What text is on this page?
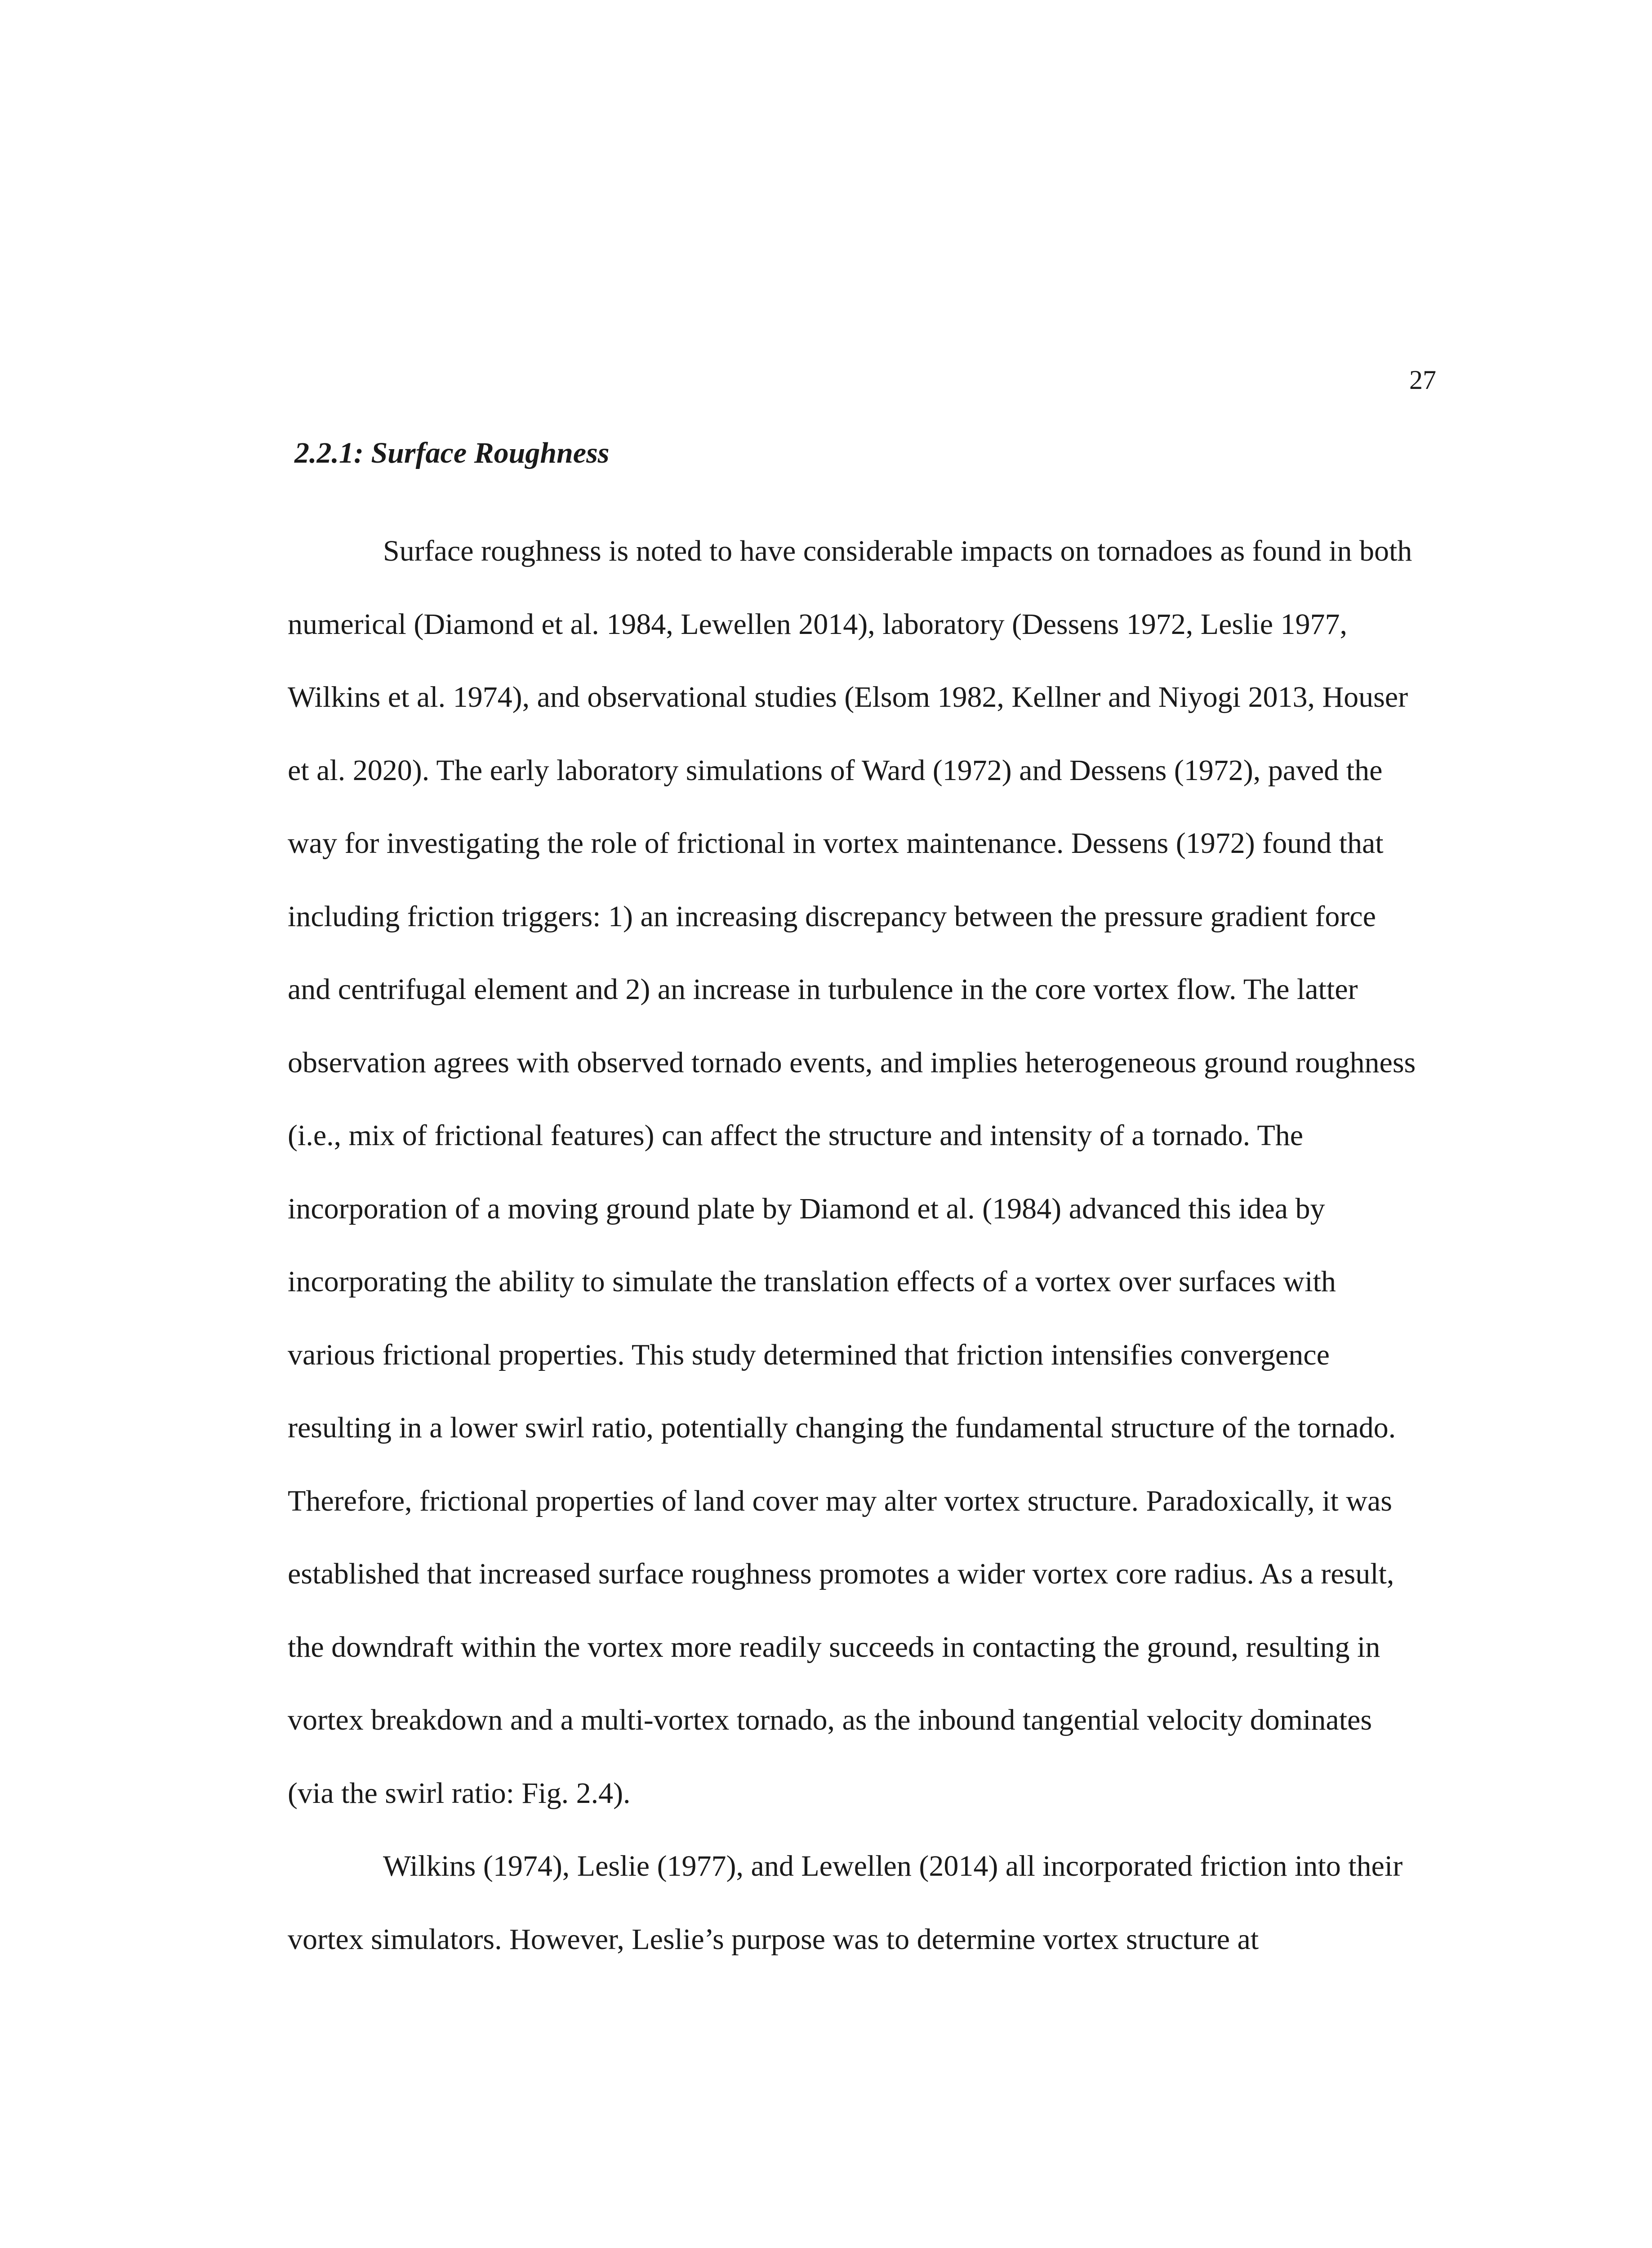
27
2.2.1: Surface Roughness

Surface roughness is noted to have considerable impacts on tornadoes as found in both numerical (Diamond et al. 1984, Lewellen 2014), laboratory (Dessens 1972, Leslie 1977, Wilkins et al. 1974), and observational studies (Elsom 1982, Kellner and Niyogi 2013, Houser et al. 2020). The early laboratory simulations of Ward (1972) and Dessens (1972), paved the way for investigating the role of frictional in vortex maintenance. Dessens (1972) found that including friction triggers: 1) an increasing discrepancy between the pressure gradient force and centrifugal element and 2) an increase in turbulence in the core vortex flow. The latter observation agrees with observed tornado events, and implies heterogeneous ground roughness (i.e., mix of frictional features) can affect the structure and intensity of a tornado. The incorporation of a moving ground plate by Diamond et al. (1984) advanced this idea by incorporating the ability to simulate the translation effects of a vortex over surfaces with various frictional properties. This study determined that friction intensifies convergence resulting in a lower swirl ratio, potentially changing the fundamental structure of the tornado. Therefore, frictional properties of land cover may alter vortex structure. Paradoxically, it was established that increased surface roughness promotes a wider vortex core radius. As a result, the downdraft within the vortex more readily succeeds in contacting the ground, resulting in vortex breakdown and a multi-vortex tornado, as the inbound tangential velocity dominates (via the swirl ratio: Fig. 2.4).

Wilkins (1974), Leslie (1977), and Lewellen (2014) all incorporated friction into their vortex simulators. However, Leslie’s purpose was to determine vortex structure at
